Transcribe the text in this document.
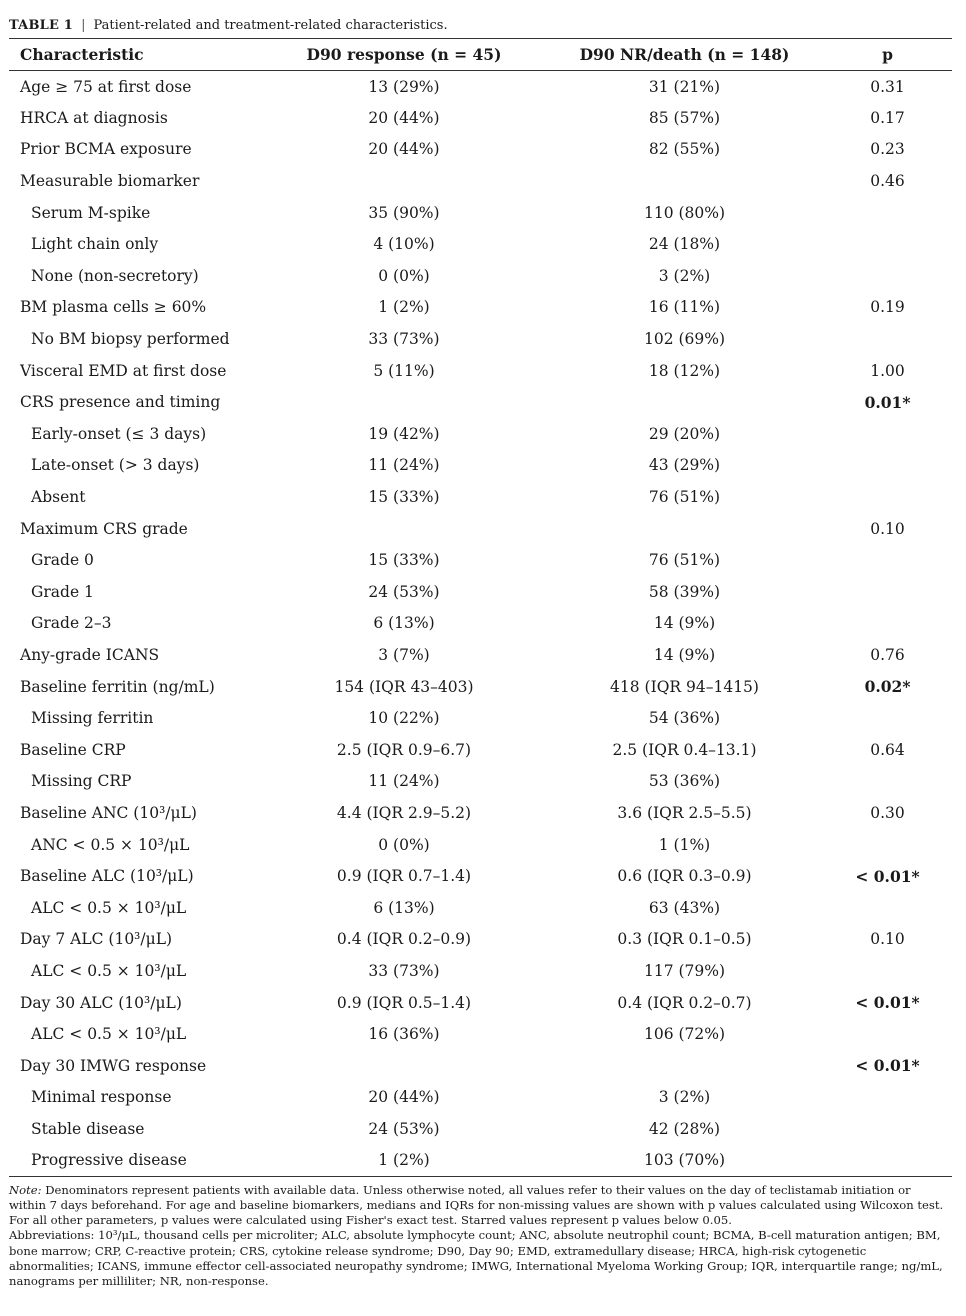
TABLE 1 | Patient-related and treatment-related characteristics.
Characteristic	D90 response (n = 45)	D90 NR/death (n = 148)	p
Age ≥ 75 at first dose	13 (29%)	31 (21%)	0.31
HRCA at diagnosis	20 (44%)	85 (57%)	0.17
Prior BCMA exposure	20 (44%)	82 (55%)	0.23
Measurable biomarker			0.46
Serum M-spike	35 (90%)	110 (80%)	
Light chain only	4 (10%)	24 (18%)	
None (non-secretory)	0 (0%)	3 (2%)	
BM plasma cells ≥ 60%	1 (2%)	16 (11%)	0.19
No BM biopsy performed	33 (73%)	102 (69%)	
Visceral EMD at first dose	5 (11%)	18 (12%)	1.00
CRS presence and timing			0.01*
Early-onset (≤ 3 days)	19 (42%)	29 (20%)	
Late-onset (> 3 days)	11 (24%)	43 (29%)	
Absent	15 (33%)	76 (51%)	
Maximum CRS grade			0.10
Grade 0	15 (33%)	76 (51%)	
Grade 1	24 (53%)	58 (39%)	
Grade 2–3	6 (13%)	14 (9%)	
Any-grade ICANS	3 (7%)	14 (9%)	0.76
Baseline ferritin (ng/mL)	154 (IQR 43–403)	418 (IQR 94–1415)	0.02*
Missing ferritin	10 (22%)	54 (36%)	
Baseline CRP	2.5 (IQR 0.9–6.7)	2.5 (IQR 0.4–13.1)	0.64
Missing CRP	11 (24%)	53 (36%)	
Baseline ANC (10³/μL)	4.4 (IQR 2.9–5.2)	3.6 (IQR 2.5–5.5)	0.30
ANC < 0.5 × 10³/μL	0 (0%)	1 (1%)	
Baseline ALC (10³/μL)	0.9 (IQR 0.7–1.4)	0.6 (IQR 0.3–0.9)	< 0.01*
ALC < 0.5 × 10³/μL	6 (13%)	63 (43%)	
Day 7 ALC (10³/μL)	0.4 (IQR 0.2–0.9)	0.3 (IQR 0.1–0.5)	0.10
ALC < 0.5 × 10³/μL	33 (73%)	117 (79%)	
Day 30 ALC (10³/μL)	0.9 (IQR 0.5–1.4)	0.4 (IQR 0.2–0.7)	< 0.01*
ALC < 0.5 × 10³/μL	16 (36%)	106 (72%)	
Day 30 IMWG response			< 0.01*
Minimal response	20 (44%)	3 (2%)	
Stable disease	24 (53%)	42 (28%)	
Progressive disease	1 (2%)	103 (70%)	
Note: Denominators represent patients with available data. Unless otherwise noted, all values refer to their values on the day of teclistamab initiation or within 7 days beforehand. For age and baseline biomarkers, medians and IQRs for non-missing values are shown with p values calculated using Wilcoxon test. For all other parameters, p values were calculated using Fisher's exact test. Starred values represent p values below 0.05.
Abbreviations: 10³/μL, thousand cells per microliter; ALC, absolute lymphocyte count; ANC, absolute neutrophil count; BCMA, B-cell maturation antigen; BM, bone marrow; CRP, C-reactive protein; CRS, cytokine release syndrome; D90, Day 90; EMD, extramedullary disease; HRCA, high-risk cytogenetic abnormalities; ICANS, immune effector cell-associated neuropathy syndrome; IMWG, International Myeloma Working Group; IQR, interquartile range; ng/mL, nanograms per milliliter; NR, non-response.
